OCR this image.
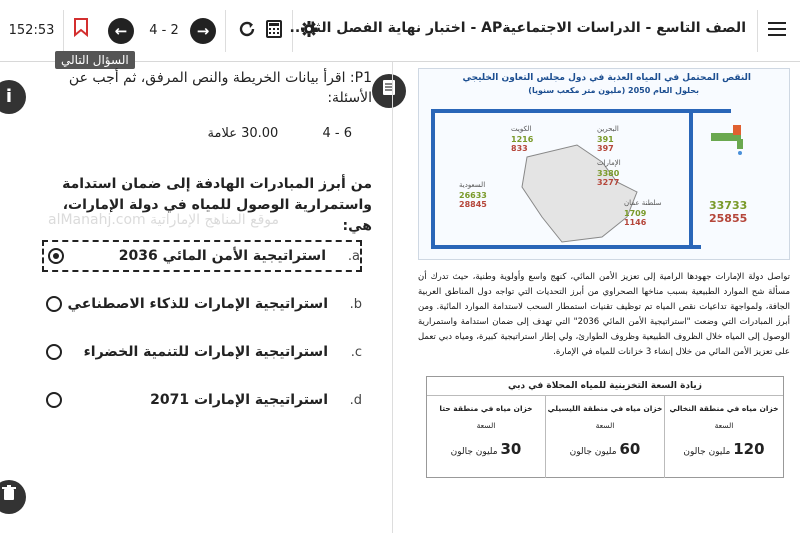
152:53	←	4 - 2	→	الصف التاسع - الدراسات الاجتماعيةAP - اختبار نهاية الفصل الثا ...
السؤال التالي
i
P1: اقرأ بيانات الخريطة والنص المرفق، ثم أجب عن الأسئلة:
6 - 4 30.00 علامة
من أبرز المبادرات الهادفة إلى ضمان استدامة واستمرارية الوصول للمياه في دولة الإمارات، هي:
alManahj.com موقع المناهج الإماراتية
a.
استراتيجية الأمن المائي 2036
b.
استراتيجية الإمارات للذكاء الاصطناعي
c.
استراتيجية الإمارات للتنمية الخضراء
d.
استراتيجية الإمارات 2071
النقص المحتمل في المياه العذبة في دول مجلس التعاون الخليجي
بحلول العام 2050 (مليون متر مكعب سنويا)
الكويت
1216
833
البحرين
391
397
الإمارات
3380
3277
السعودية
26633
28845	سلطنة عمان
1709
1146
33733
25855
تواصل دولة الإمارات جهودها الرامية إلى تعزيز الأمن المائي، كنهج واسع وأولوية وطنية، حيث تدرك أن مسألة شح الموارد الطبيعية بسبب مناخها الصحراوي من أبرز التحديات التي تواجه دول المناطق العربية الجافة، ولمواجهة تداعيات نقص المياه تم توظيف تقنيات استمطار السحب لاستدامة الموارد المائية. ومن أبرز المبادرات التي وضعت "استراتيجية الأمن المائي 2036" التي تهدف إلى ضمان استدامة واستمرارية الوصول إلى المياه خلال الظروف الطبيعية وظروف الطوارئ، ولي إطار استراتيجية كبيرة، ومياه دبي تعمل على تعزيز الأمن المائي من خلال إنشاء 3 خزانات للمياه في الإمارة.
زيادة السعة التخزينية للمياه المحلاة في دبي
خزان مياه في منطقة النخالي
السعة
120 مليون جالون
خزان مياه في منطقة الليسيلي
السعة
60 مليون جالون
خزان مياه في منطقة حتا
السعة
30 مليون جالون
